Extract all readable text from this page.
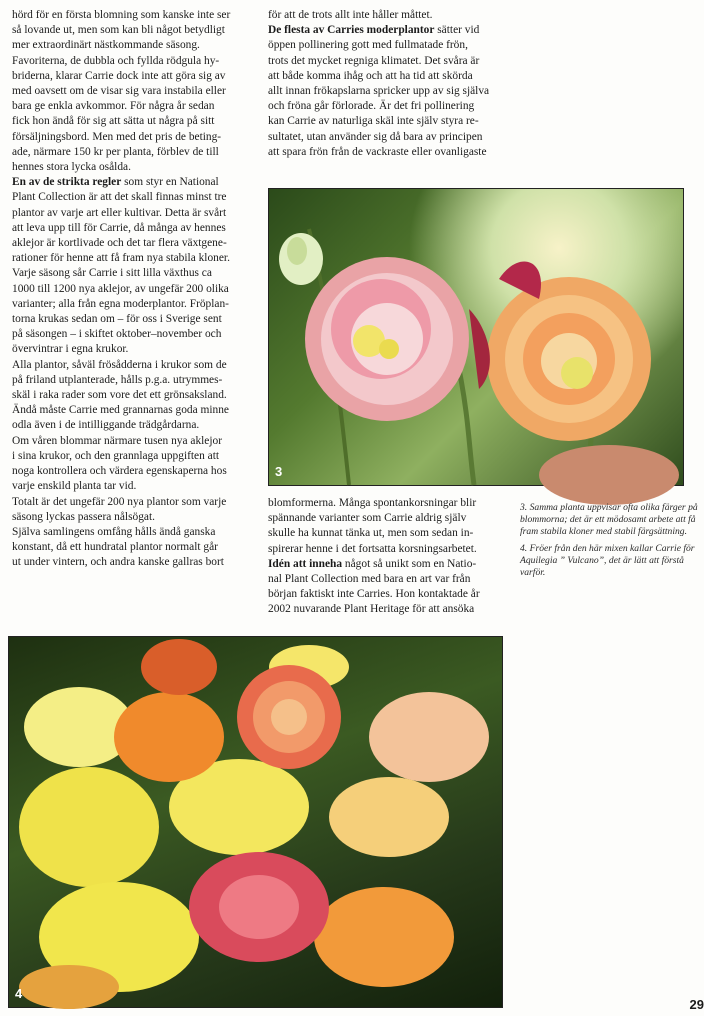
hörd för en första blomning som kanske inte ser
så lovande ut, men som kan bli något betydligt
mer extraordinärt nästkommande säsong.
Favoriterna, de dubbla och fyllda rödgula hy-
briderna, klarar Carrie dock inte att göra sig av
med oavsett om de visar sig vara instabila eller
bara ge enkla avkommor. För några år sedan
fick hon ändå för sig att sätta ut några på sitt
försäljningsbord. Men med det pris de beting-
ade, närmare 150 kr per planta, förblev de till
hennes stora lycka osålda.
En av de strikta regler som styr en National
Plant Collection är att det skall finnas minst tre
plantor av varje art eller kultivar. Detta är svårt
att leva upp till för Carrie, då många av hennes
aklejor är kortlivade och det tar flera växtgene-
rationer för henne att få fram nya stabila kloner.
Varje säsong sår Carrie i sitt lilla växthus ca
1000 till 1200 nya aklejor, av ungefär 200 olika
varianter; alla från egna moderplantor. Fröplan-
torna krukas sedan om – för oss i Sverige sent
på säsongen – i skiftet oktober–november och
övervintrar i egna krukor.
Alla plantor, såväl frösådderna i krukor som de
på friland utplanterade, hålls p.g.a. utrymmes-
skäl i raka rader som vore det ett grönsaksland.
Ändå måste Carrie med grannarnas goda minne
odla även i de intilliggande trädgårdarna.
Om våren blommar närmare tusen nya aklejor
i sina krukor, och den grannlaga uppgiften att
noga kontrollera och värdera egenskaperna hos
varje enskild planta tar vid.
Totalt är det ungefär 200 nya plantor som varje
säsong lyckas passera nålsögat.
Själva samlingens omfång hålls ändå ganska
konstant, då ett hundratal plantor normalt går
ut under vintern, och andra kanske gallras bort
för att de trots allt inte håller måttet.
De flesta av Carries moderplantor sätter vid
öppen pollinering gott med fullmatade frön,
trots det mycket regniga klimatet. Det svåra är
att både komma ihåg och att ha tid att skörda
allt innan frökapslarna spricker upp av sig själva
och fröna går förlorade. Är det fri pollinering
kan Carrie av naturliga skäl inte själv styra re-
sultatet, utan använder sig då bara av principen
att spara frön från de vackraste eller ovanligaste
3
blomformerna. Många spontankorsningar blir
spännande varianter som Carrie aldrig själv
skulle ha kunnat tänka ut, men som sedan in-
spirerar henne i det fortsatta korsningsarbetet.
Idén att inneha något så unikt som en Natio-
nal Plant Collection med bara en art var från
början faktiskt inte Carries. Hon kontaktade år
2002 nuvarande Plant Heritage för att ansöka

3. Samma planta uppvisar ofta olika färger på blommorna; det är ett mödosamt arbete att få fram stabila kloner med stabil färgsättning.

4. Fröer från den här mixen kallar Carrie för Aquilegia ” Vulcano”, det är lätt att förstå varför.

4
29
